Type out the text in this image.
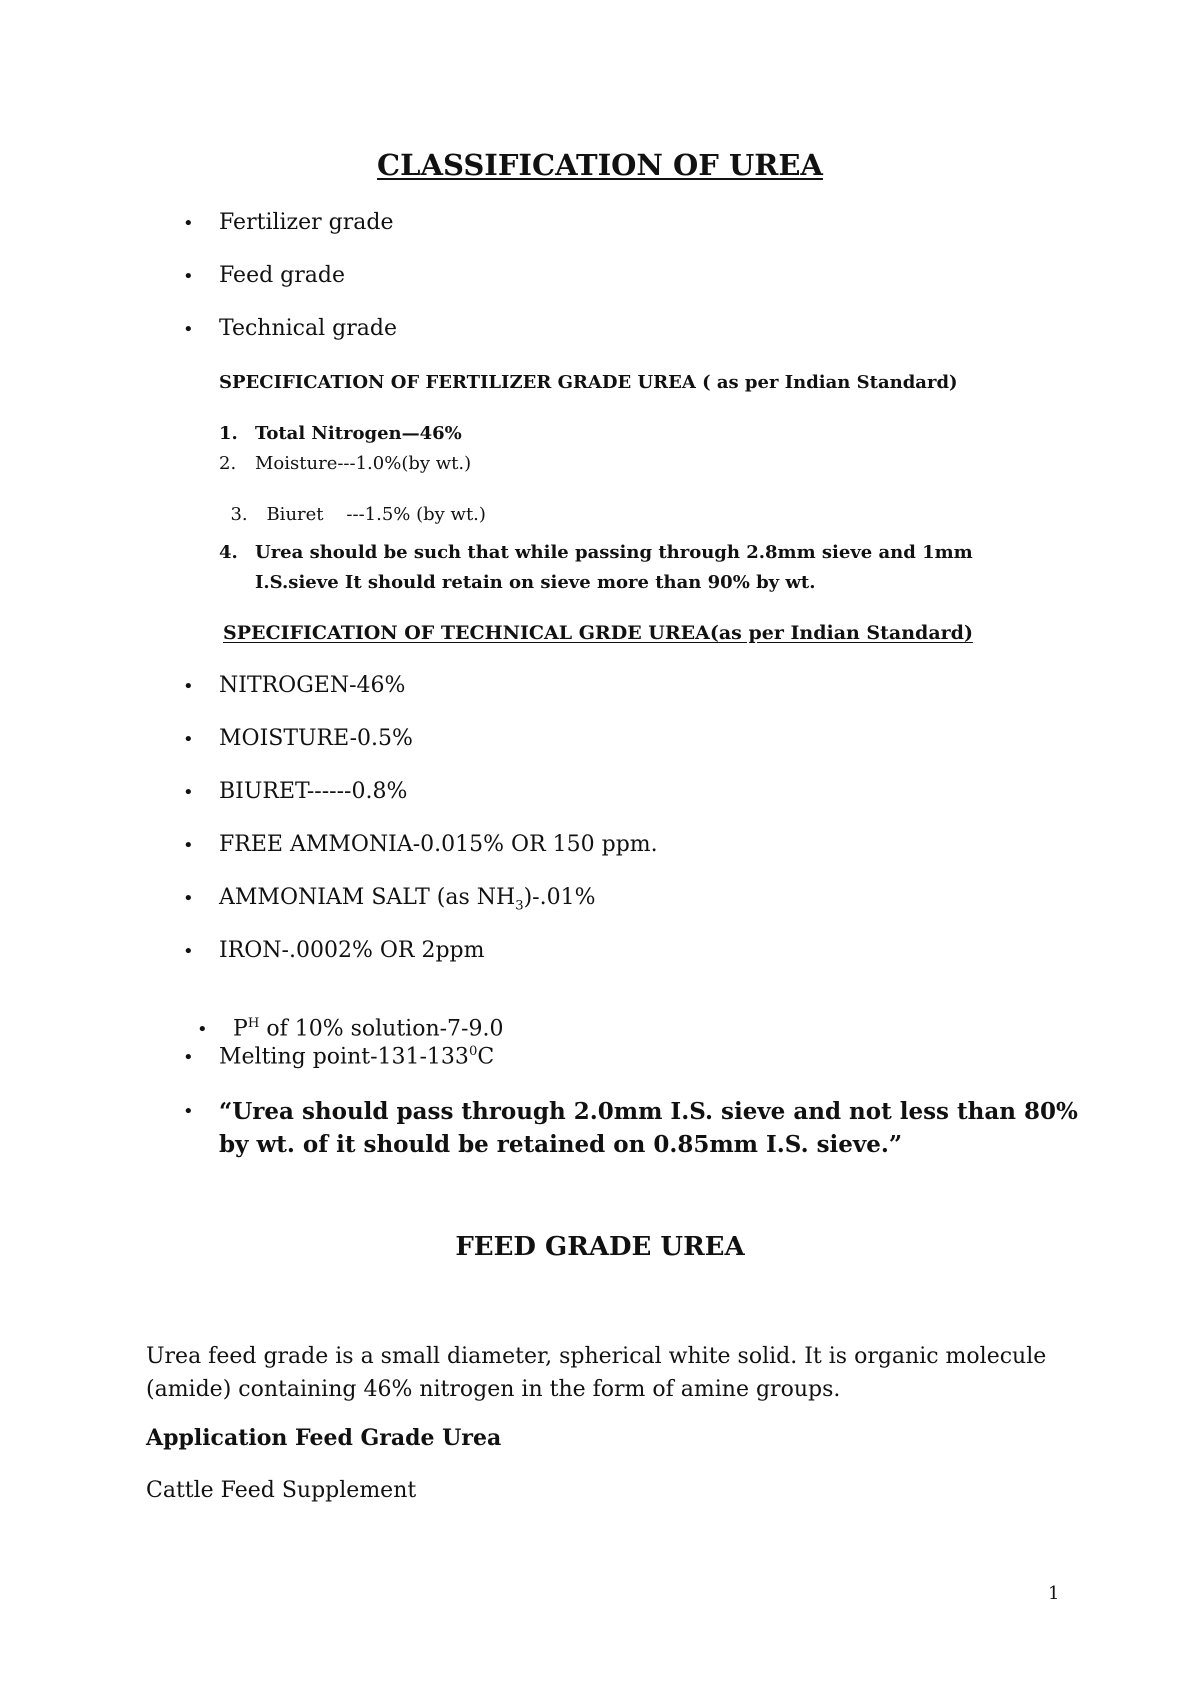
CLASSIFICATION OF UREA
• Fertilizer grade
• Feed grade
• Technical grade
SPECIFICATION OF FERTILIZER GRADE UREA ( as per Indian Standard)
1. Total Nitrogen—46%
2. Moisture---1.0%(by wt.)

3. Biuret    ---1.5% (by wt.)

4. Urea should be such that while passing through 2.8mm sieve and 1mm
I.S.sieve It should retain on sieve more than 90% by wt.
SPECIFICATION OF TECHNICAL GRDE UREA(as per Indian Standard)
• NITROGEN-46%
• MOISTURE-0.5%
• BIURET------0.8%
• FREE AMMONIA-0.015% OR 150 ppm.
• AMMONIAM SALT (as $NH_3)-.01\%$
• IRON-.0002% OR 2ppm

• $P^H$ of 10% solution-7-9.0

• Melting point-$131-133^0C$
•	“Urea should pass through 2.0mm I.S. sieve and not less than 80% by wt. of it should be retained on 0.85mm I.S. sieve.”
FEED GRADE UREA
Urea feed grade is a small diameter, spherical white solid. It is organic molecule (amide) containing 46% nitrogen in the form of amine groups.
Application Feed Grade Urea
Cattle Feed Supplement
1
